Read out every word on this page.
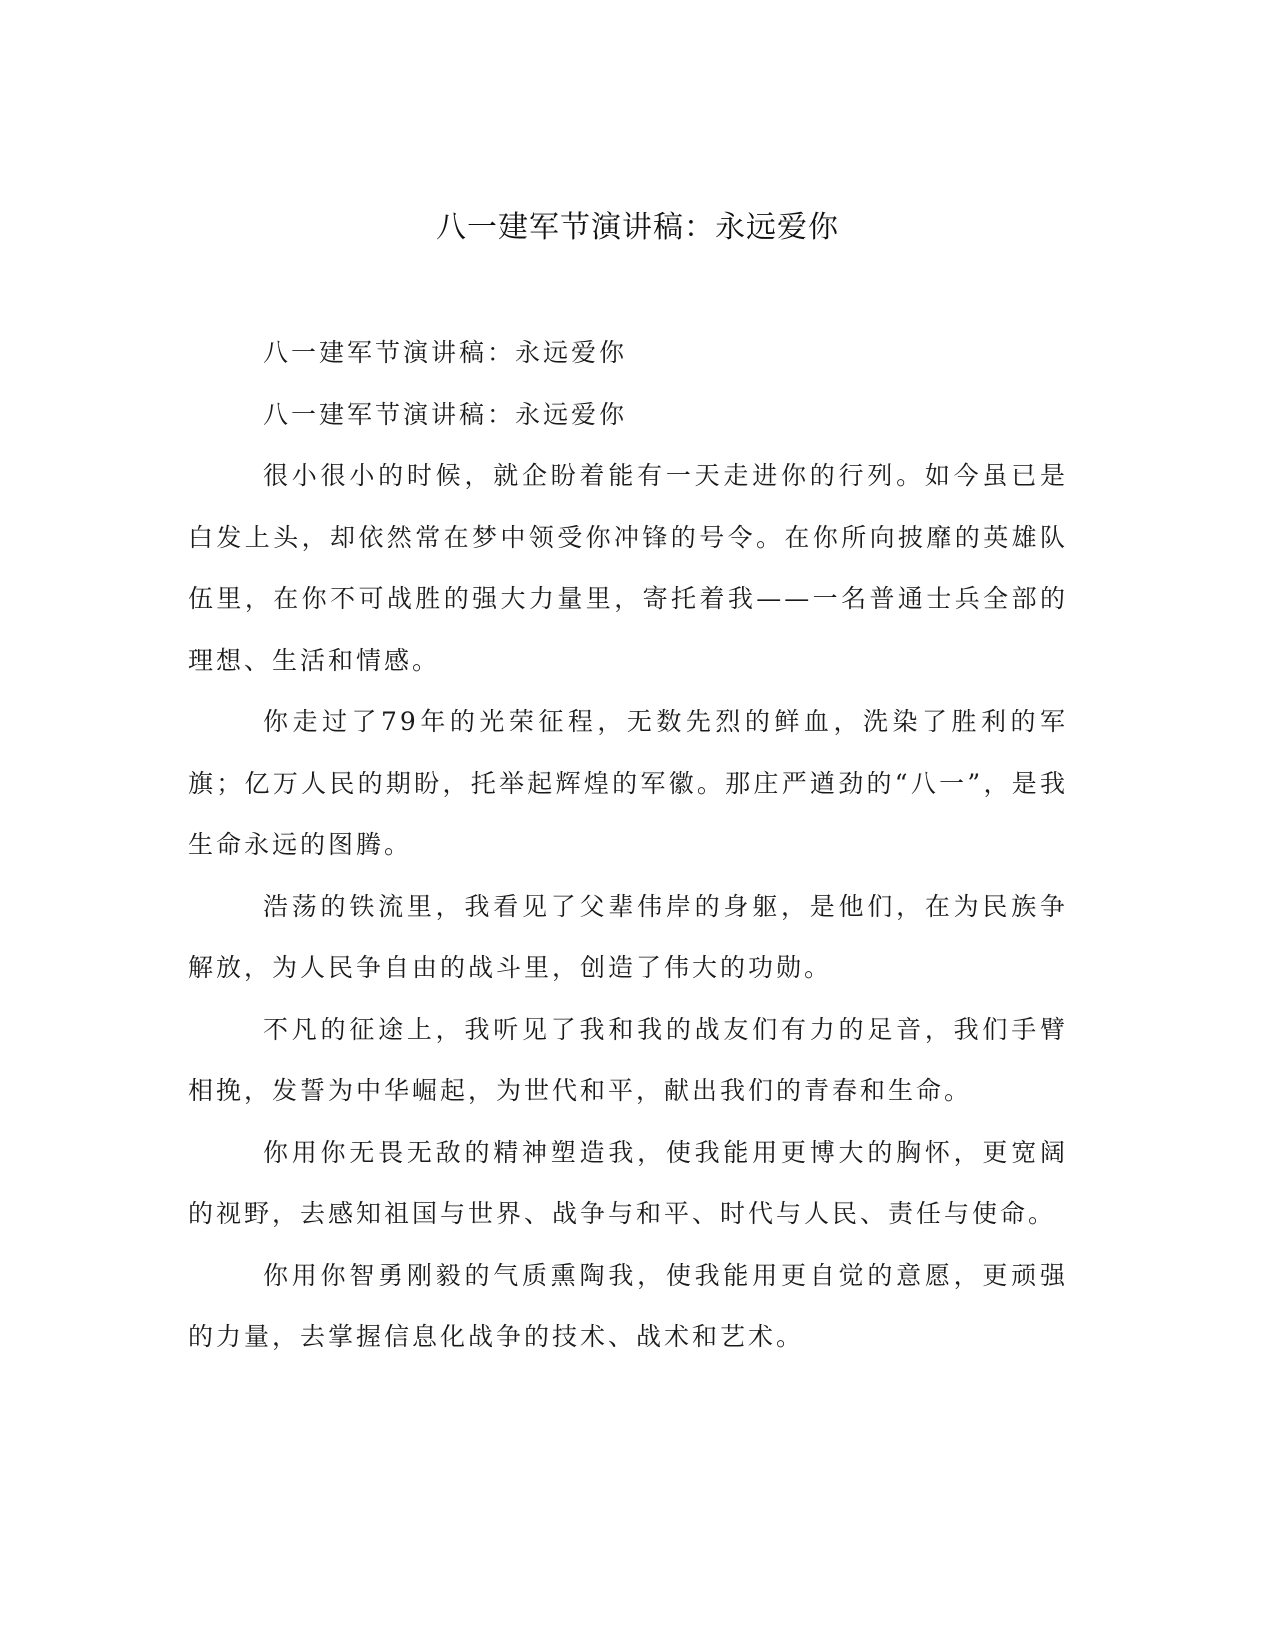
八一建军节演讲稿：永远爱你

八一建军节演讲稿：永远爱你

八一建军节演讲稿：永远爱你

很小很小的时候，就企盼着能有一天走进你的行列。如今虽已是白发上头，却依然常在梦中领受你冲锋的号令。在你所向披靡的英雄队伍里，在你不可战胜的强大力量里，寄托着我——一名普通士兵全部的理想、生活和情感。

你走过了79年的光荣征程，无数先烈的鲜血，洗染了胜利的军旗；亿万人民的期盼，托举起辉煌的军徽。那庄严遒劲的“八一”，是我生命永远的图腾。

浩荡的铁流里，我看见了父辈伟岸的身躯，是他们，在为民族争解放，为人民争自由的战斗里，创造了伟大的功勋。

不凡的征途上，我听见了我和我的战友们有力的足音，我们手臂相挽，发誓为中华崛起，为世代和平，献出我们的青春和生命。

你用你无畏无敌的精神塑造我，使我能用更博大的胸怀，更宽阔的视野，去感知祖国与世界、战争与和平、时代与人民、责任与使命。

你用你智勇刚毅的气质熏陶我，使我能用更自觉的意愿，更顽强的力量，去掌握信息化战争的技术、战术和艺术。
